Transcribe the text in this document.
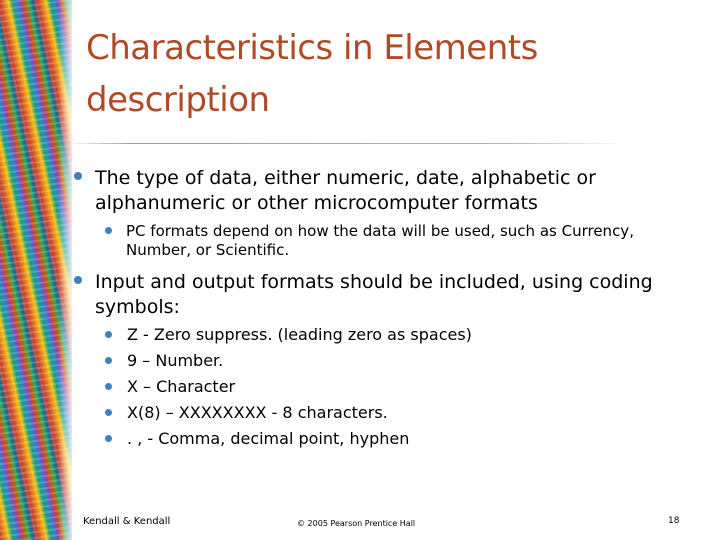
Characteristics in Elements description
The type of data, either numeric, date, alphabetic or alphanumeric or other microcomputer formats
PC formats depend on how the data will be used, such as Currency, Number, or Scientific.
Input and output formats should be included, using coding symbols:
Z - Zero suppress. (leading zero as spaces)
9 – Number.
X – Character
X(8) – XXXXXXXX - 8 characters.
. , - Comma, decimal point, hyphen
Kendall & Kendall	© 2005 Pearson Prentice Hall	18
